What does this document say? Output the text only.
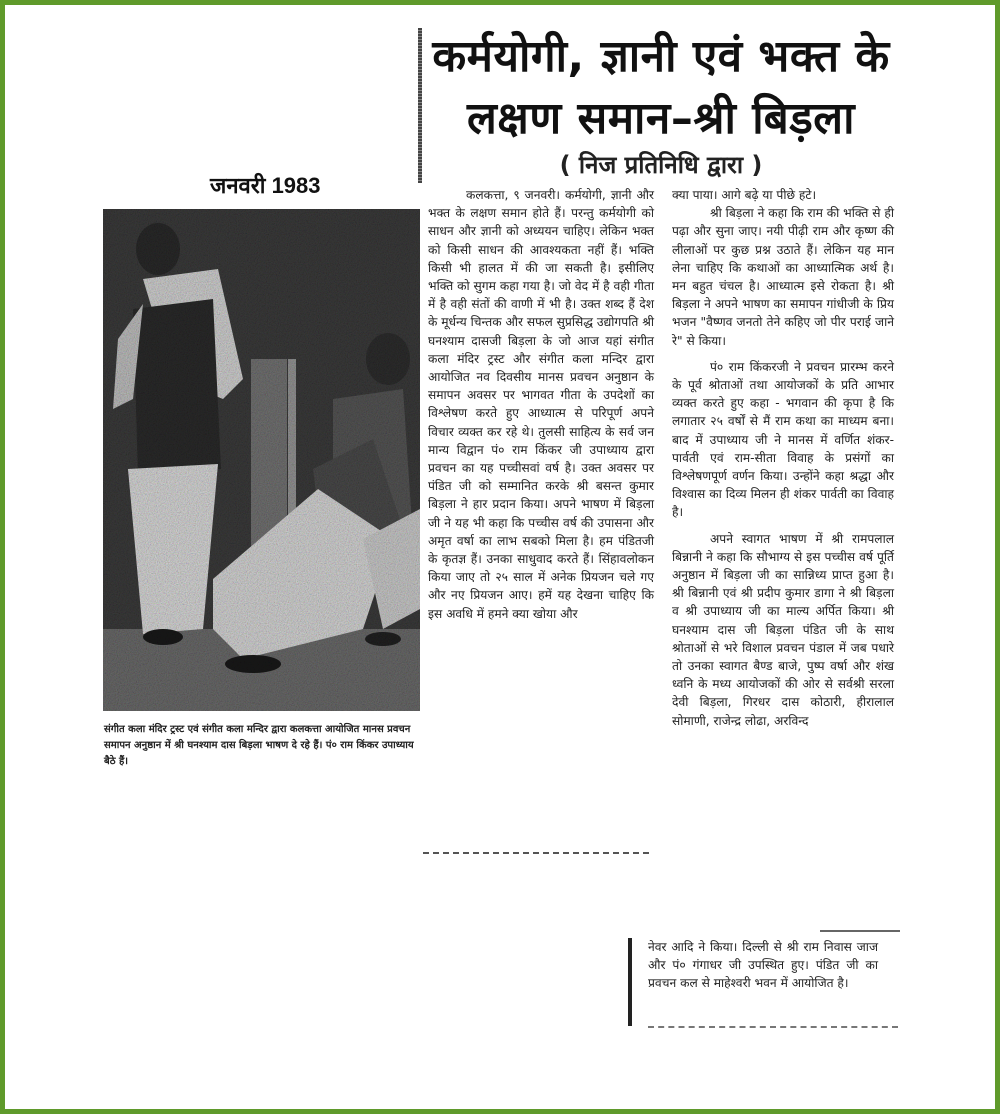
कर्मयोगी, ज्ञानी एवं भक्त के लक्षण समान–श्री बिड़ला
( निज प्रतिनिधि द्वारा )
जनवरी 1983
संगीत कला मंदिर ट्रस्ट एवं संगीत कला मन्दिर द्वारा कलकत्ता आयोजित मानस प्रवचन समापन अनुष्ठान में श्री घनश्याम दास बिड़ला भाषण दे रहे हैं। पं० राम किंकर उपाध्याय बैठे हैं।

कलकत्ता, ९ जनवरी। कर्मयोगी, ज्ञानी और भक्त के लक्षण समान होते हैं। परन्तु कर्मयोगी को साधन और ज्ञानी को अध्ययन चाहिए। लेकिन भक्त को किसी साधन की आवश्यकता नहीं हैं। भक्ति किसी भी हालत में की जा सकती है। इसीलिए भक्ति को सुगम कहा गया है। जो वेद में है वही गीता में है वही संतों की वाणी में भी है। उक्त शब्द हैं देश के मूर्धन्य चिन्तक और सफल सुप्रसिद्ध उद्योगपति श्री घनश्याम दासजी बिड़ला के जो आज यहां संगीत कला मंदिर ट्रस्ट और संगीत कला मन्दिर द्वारा आयोजित नव दिवसीय मानस प्रवचन अनुष्ठान के समापन अवसर पर भागवत गीता के उपदेशों का विश्लेषण करते हुए आध्यात्म से परिपूर्ण अपने विचार व्यक्त कर रहे थे। तुलसी साहित्य के सर्व जन मान्य विद्वान पं० राम किंकर जी उपाध्याय द्वारा प्रवचन का यह पच्चीसवां वर्ष है। उक्त अवसर पर पंडित जी को सम्मानित करके श्री बसन्त कुमार बिड़ला ने हार प्रदान किया। अपने भाषण में बिड़ला जी ने यह भी कहा कि पच्चीस वर्ष की उपासना और अमृत वर्षा का लाभ सबको मिला है। हम पंडितजी के कृतज्ञ हैं। उनका साधुवाद करते हैं। सिंहावलोकन किया जाए तो २५ साल में अनेक प्रियजन चले गए और नए प्रियजन आए। हमें यह देखना चाहिए कि इस अवधि में हमने क्या खोया और

क्या पाया। आगे बढ़े या पीछे हटे।

श्री बिड़ला ने कहा कि राम की भक्ति से ही पढ़ा और सुना जाए। नयी पीढ़ी राम और कृष्ण की लीलाओं पर कुछ प्रश्न उठाते हैं। लेकिन यह मान लेना चाहिए कि कथाओं का आध्यात्मिक अर्थ है। मन बहुत चंचल है। आध्यात्म इसे रोकता है। श्री बिड़ला ने अपने भाषण का समापन गांधीजी के प्रिय भजन "वैष्णव जनतो तेने कहिए जो पीर पराई जाने रे" से किया।

पं० राम किंकरजी ने प्रवचन प्रारम्भ करने के पूर्व श्रोताओं तथा आयोजकों के प्रति आभार व्यक्त करते हुए कहा - भगवान की कृपा है कि लगातार २५ वर्षों से मैं राम कथा का माध्यम बना। बाद में उपाध्याय जी ने मानस में वर्णित शंकर-पार्वती एवं राम-सीता विवाह के प्रसंगों का विश्लेषणपूर्ण वर्णन किया। उन्होंने कहा श्रद्धा और विश्वास का दिव्य मिलन ही शंकर पार्वती का विवाह है।

अपने स्वागत भाषण में श्री रामपलाल बिन्नानी ने कहा कि सौभाग्य से इस पच्चीस वर्ष पूर्ति अनुष्ठान में बिड़ला जी का सान्निध्य प्राप्त हुआ है। श्री बिन्नानी एवं श्री प्रदीप कुमार डागा ने श्री बिड़ला व श्री उपाध्याय जी का माल्य अर्पित किया। श्री घनश्याम दास जी बिड़ला पंडित जी के साथ श्रोताओं से भरे विशाल प्रवचन पंडाल में जब पधारे तो उनका स्वागत बैण्ड बाजे, पुष्प वर्षा और शंख ध्वनि के मध्य आयोजकों की ओर से सर्वश्री सरला देवी बिड़ला, गिरधर दास कोठारी, हीरालाल सोमाणी, राजेन्द्र लोढा, अरविन्द

नेवर आदि ने किया। दिल्ली से श्री राम निवास जाज और पं० गंगाधर जी उपस्थित हुए। पंडित जी का प्रवचन कल से माहेश्वरी भवन में आयोजित है।
